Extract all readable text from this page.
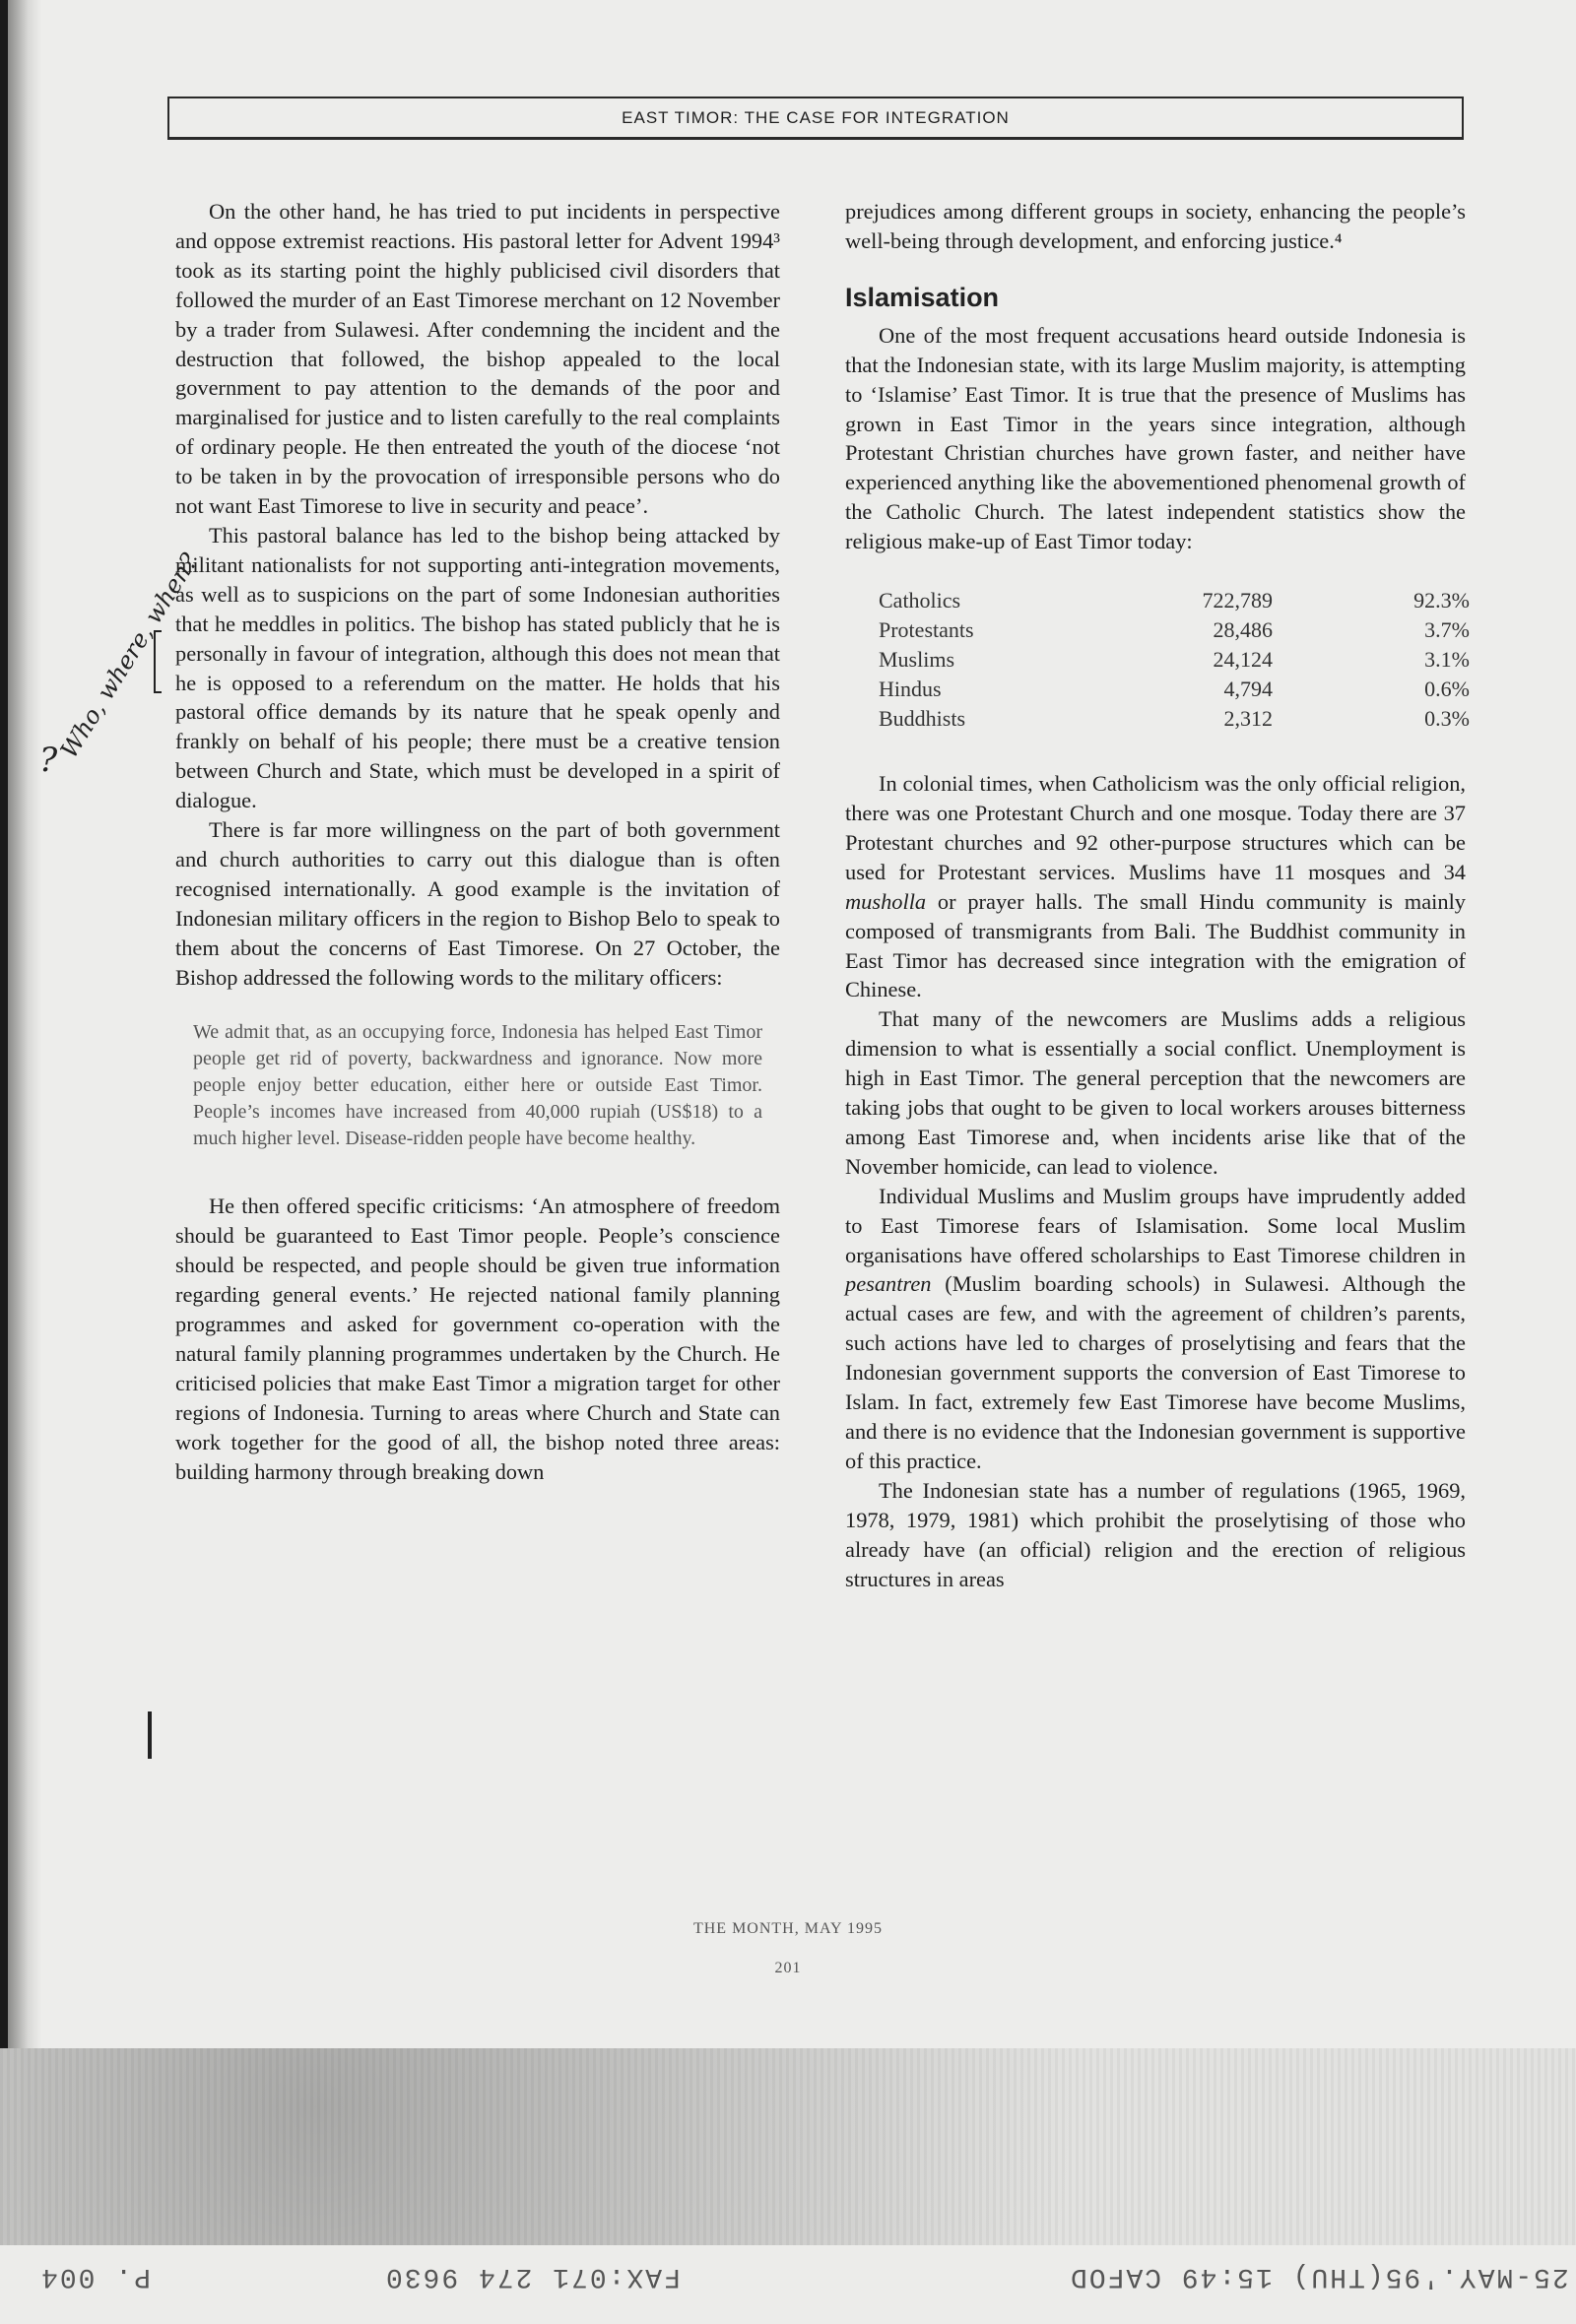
EAST TIMOR: THE CASE FOR INTEGRATION

On the other hand, he has tried to put incidents in perspective and oppose extremist reactions. His pastoral letter for Advent 1994³ took as its starting point the highly publicised civil disorders that followed the murder of an East Timorese merchant on 12 November by a trader from Sulawesi. After condemning the incident and the destruction that followed, the bishop appealed to the local government to pay attention to the demands of the poor and marginalised for justice and to listen carefully to the real complaints of ordinary people. He then entreated the youth of the diocese ‘not to be taken in by the provocation of irresponsible persons who do not want East Timorese to live in security and peace’.

This pastoral balance has led to the bishop being attacked by militant nationalists for not supporting anti-integration movements, as well as to suspicions on the part of some Indonesian authorities that he meddles in politics. The bishop has stated publicly that he is personally in favour of integration, although this does not mean that he is opposed to a referendum on the matter. He holds that his pastoral office demands by its nature that he speak openly and frankly on behalf of his people; there must be a creative tension between Church and State, which must be developed in a spirit of dialogue.

There is far more willingness on the part of both government and church authorities to carry out this dialogue than is often recognised internationally. A good example is the invitation of Indonesian military officers in the region to Bishop Belo to speak to them about the concerns of East Timorese. On 27 October, the Bishop addressed the following words to the military officers:

We admit that, as an occupying force, Indonesia has helped East Timor people get rid of poverty, backwardness and ignorance. Now more people enjoy better education, either here or outside East Timor. People’s incomes have increased from 40,000 rupiah (US$18) to a much higher level. Disease-ridden people have become healthy.

He then offered specific criticisms: ‘An atmosphere of freedom should be guaranteed to East Timor people. People’s conscience should be respected, and people should be given true information regarding general events.’ He rejected national family planning programmes and asked for government co-operation with the natural family planning programmes undertaken by the Church. He criticised policies that make East Timor a migration target for other regions of Indonesia. Turning to areas where Church and State can work together for the good of all, the bishop noted three areas: building harmony through breaking down

prejudices among different groups in society, enhancing the people’s well-being through development, and enforcing justice.⁴

Islamisation

One of the most frequent accusations heard outside Indonesia is that the Indonesian state, with its large Muslim majority, is attempting to ‘Islamise’ East Timor. It is true that the presence of Muslims has grown in East Timor in the years since integration, although Protestant Christian churches have grown faster, and neither have experienced anything like the abovementioned phenomenal growth of the Catholic Church. The latest independent statistics show the religious make-up of East Timor today:

Catholics	722,789	92.3%
Protestants	28,486	3.7%
Muslims	24,124	3.1%
Hindus	4,794	0.6%
Buddhists	2,312	0.3%

In colonial times, when Catholicism was the only official religion, there was one Protestant Church and one mosque. Today there are 37 Protestant churches and 92 other-purpose structures which can be used for Protestant services. Muslims have 11 mosques and 34 musholla or prayer halls. The small Hindu community is mainly composed of transmigrants from Bali. The Buddhist community in East Timor has decreased since integration with the emigration of Chinese.

That many of the newcomers are Muslims adds a religious dimension to what is essentially a social conflict. Unemployment is high in East Timor. The general perception that the newcomers are taking jobs that ought to be given to local workers arouses bitterness among East Timorese and, when incidents arise like that of the November homicide, can lead to violence.

Individual Muslims and Muslim groups have imprudently added to East Timorese fears of Islamisation. Some local Muslim organisations have offered scholarships to East Timorese children in pesantren (Muslim boarding schools) in Sulawesi. Although the actual cases are few, and with the agreement of children’s parents, such actions have led to charges of proselytising and fears that the Indonesian government supports the conversion of East Timorese to Islam. In fact, extremely few East Timorese have become Muslims, and there is no evidence that the Indonesian government is supportive of this practice.

The Indonesian state has a number of regulations (1965, 1969, 1978, 1979, 1981) which prohibit the proselytising of those who already have (an official) religion and the erection of religious structures in areas

Who, where, when?
?
THE MONTH, MAY 1995
201
P. 004	FAX:071 274 9630	25-MAY.'95(THU) 15:49 CAFOD
